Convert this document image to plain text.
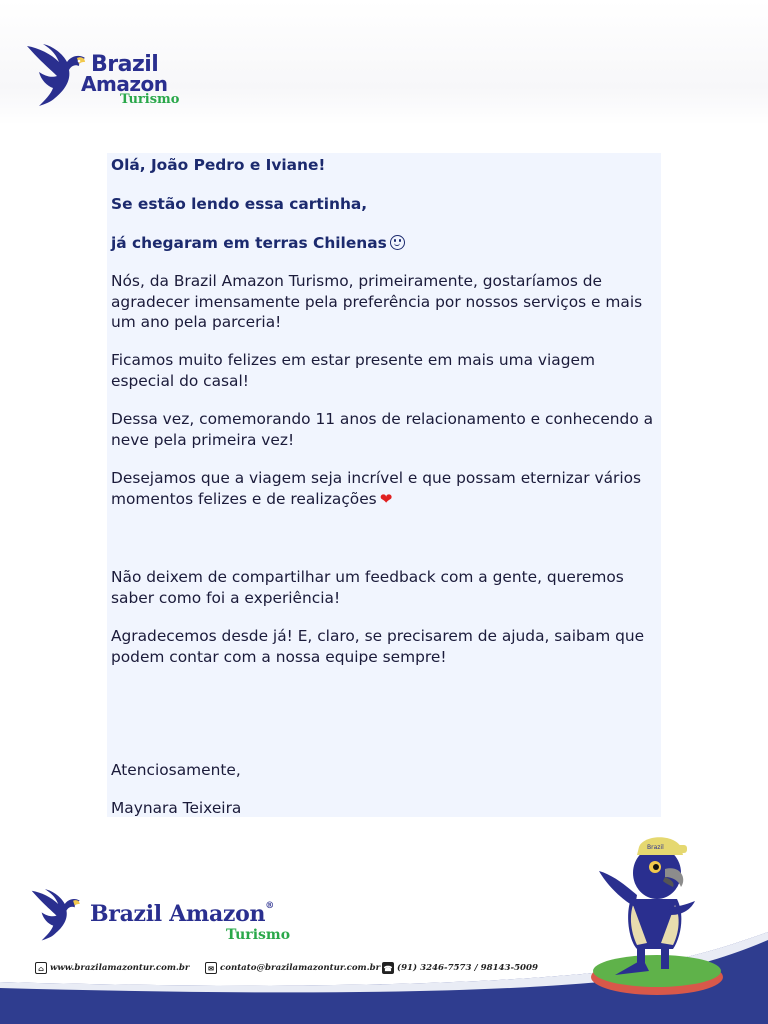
Brazil
Amazon
Turismo

Olá, João Pedro e Iviane!

Se estão lendo essa cartinha,

já chegaram em terras Chilenas

Nós, da Brazil Amazon Turismo, primeiramente, gostaríamos de agradecer imensamente pela preferência por nossos serviços e mais um ano pela parceria!

Ficamos muito felizes em estar presente em mais uma viagem especial do casal!

Dessa vez, comemorando 11 anos de relacionamento e conhecendo a neve pela primeira vez!

Desejamos que a viagem seja incrível e que possam eternizar vários momentos felizes e de realizações ❤

Não deixem de compartilhar um feedback com a gente, queremos saber como foi a experiência!

Agradecemos desde já! E, claro, se precisarem de ajuda, saibam que podem contar com a nossa equipe sempre!

Atenciosamente,

Maynara Teixeira

Brazil Amazon®
Turismo
⌂ www.brazilamazontur.com.br	✉ contato@brazilamazontur.com.br ☎ (91) 3246-7573 / 98143-5009
Brazil
